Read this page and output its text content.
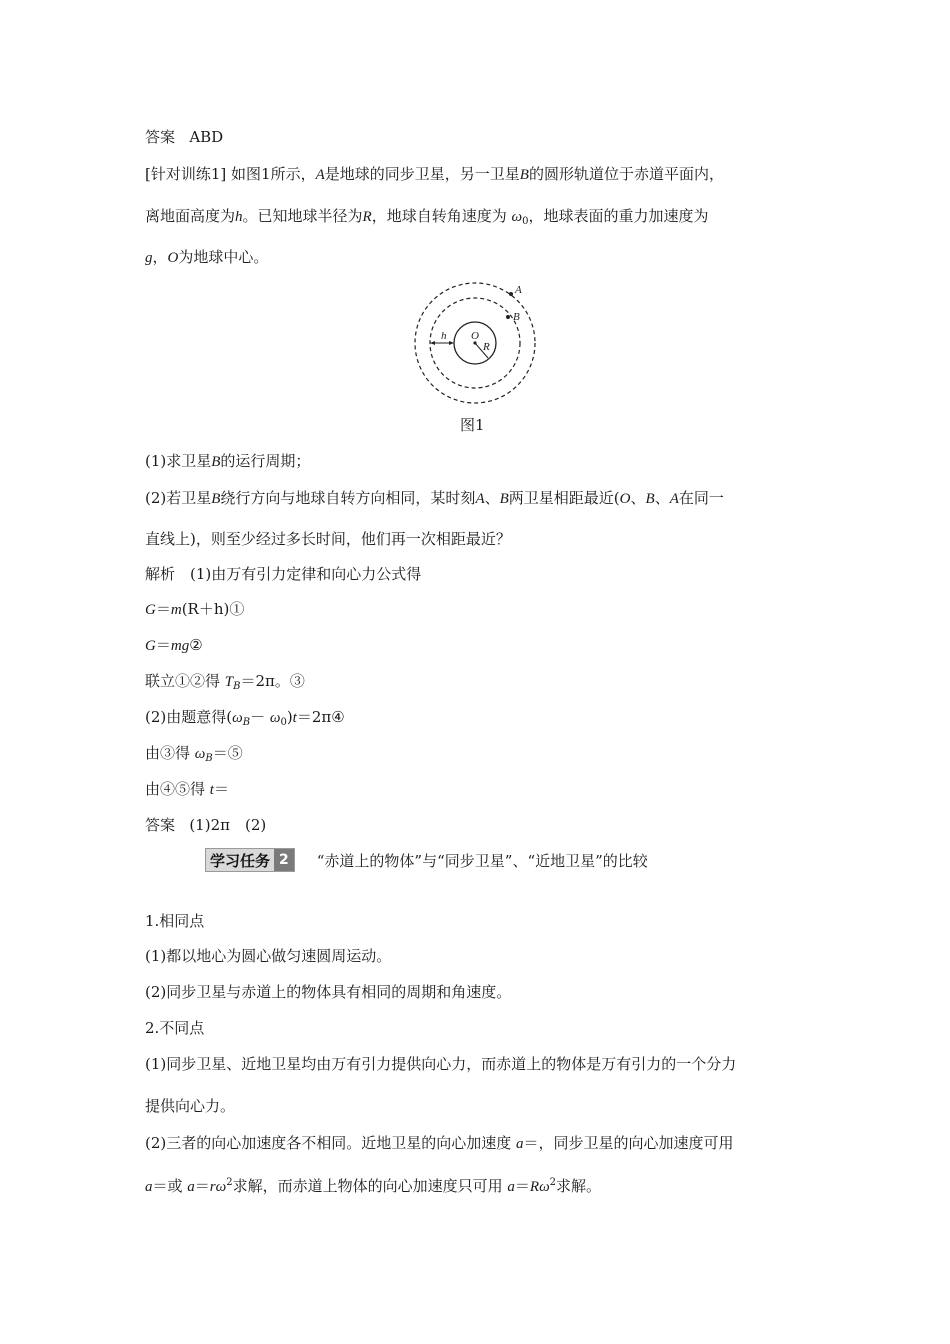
答案 ABD
[针对训练1] 如图1所示，A是地球的同步卫星，另一卫星B的圆形轨道位于赤道平面内，
离地面高度为h。已知地球半径为R，地球自转角速度为 $\omega_0$，地球表面的重力加速度为
g，O为地球中心。
A
B
O
R
h
图1
(1)求卫星B的运行周期；
(2)若卫星B绕行方向与地球自转方向相同，某时刻A、B两卫星相距最近(O、B、A在同一
直线上)，则至少经过多长时间，他们再一次相距最近？
解析　(1)由万有引力定律和向心力公式得
G＝m(R＋h)①
G＝mg②
联立①②得 $T_B=2\pi$。③
(2)由题意得($\omega_B-$ $\omega_0)t=2\pi ④$
由③得 $\omega_B=⑤$
由④⑤得 t＝
答案 (1)2π　(2)
学习任务 2	“赤道上的物体”与“同步卫星”、“近地卫星”的比较
1.相同点
(1)都以地心为圆心做匀速圆周运动。
(2)同步卫星与赤道上的物体具有相同的周期和角速度。
2.不同点
(1)同步卫星、近地卫星均由万有引力提供向心力，而赤道上的物体是万有引力的一个分力
提供向心力。
(2)三者的向心加速度各不相同。近地卫星的向心加速度 a＝，同步卫星的向心加速度可用
a＝或 $a=r\omega^2$求解，而赤道上物体的向心加速度只可用 $a=R\omega^2$求解。
